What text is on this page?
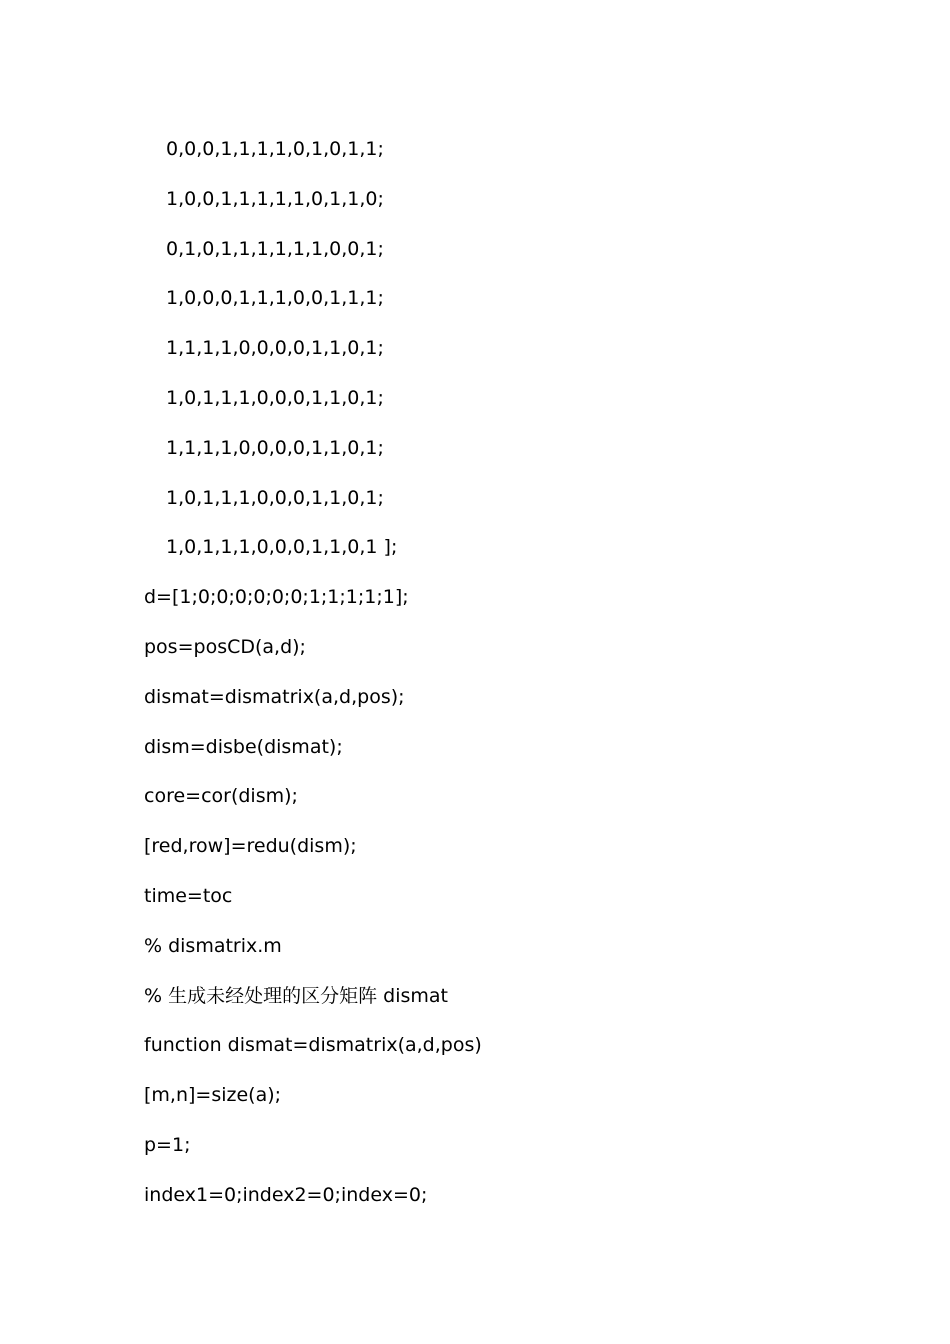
0,0,0,1,1,1,1,0,1,0,1,1;

1,0,0,1,1,1,1,1,0,1,1,0;

0,1,0,1,1,1,1,1,1,0,0,1;

1,0,0,0,1,1,1,0,0,1,1,1;

1,1,1,1,0,0,0,0,1,1,0,1;

1,0,1,1,1,0,0,0,1,1,0,1;

1,1,1,1,0,0,0,0,1,1,0,1;

1,0,1,1,1,0,0,0,1,1,0,1;

1,0,1,1,1,0,0,0,1,1,0,1 ];

d=[1;0;0;0;0;0;0;1;1;1;1;1];

pos=posCD(a,d);

dismat=dismatrix(a,d,pos);

dism=disbe(dismat);

core=cor(dism);

[red,row]=redu(dism);

time=toc

% dismatrix.m

% 生成未经处理的区分矩阵 dismat

function dismat=dismatrix(a,d,pos)

[m,n]=size(a);

p=1;

index1=0;index2=0;index=0;
